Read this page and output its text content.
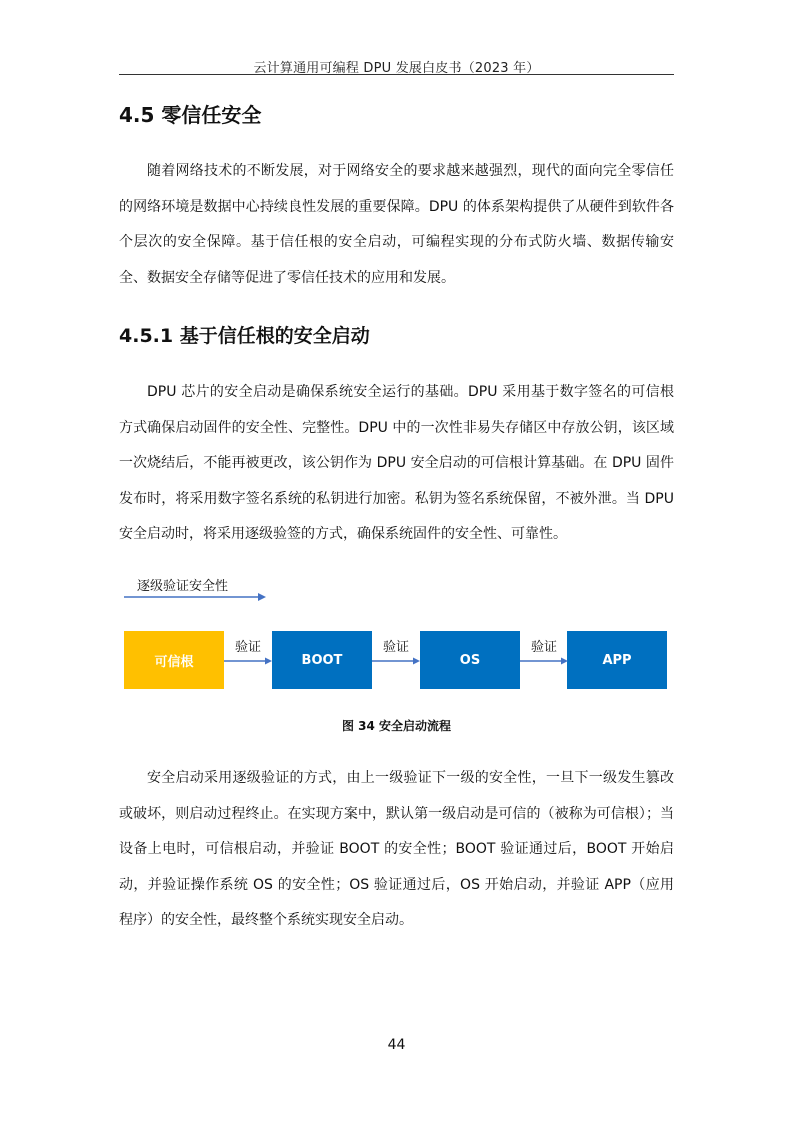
云计算通用可编程 DPU 发展白皮书（2023 年）
4.5 零信任安全

随着网络技术的不断发展，对于网络安全的要求越来越强烈，现代的面向完全零信任的网络环境是数据中心持续良性发展的重要保障。DPU 的体系架构提供了从硬件到软件各个层次的安全保障。基于信任根的安全启动，可编程实现的分布式防火墙、数据传输安全、数据安全存储等促进了零信任技术的应用和发展。

4.5.1 基于信任根的安全启动

DPU 芯片的安全启动是确保系统安全运行的基础。DPU 采用基于数字签名的可信根方式确保启动固件的安全性、完整性。DPU 中的一次性非易失存储区中存放公钥，该区域一次烧结后，不能再被更改，该公钥作为 DPU 安全启动的可信根计算基础。在 DPU 固件发布时，将采用数字签名系统的私钥进行加密。私钥为签名系统保留，不被外泄。当 DPU 安全启动时，将采用逐级验签的方式，确保系统固件的安全性、可靠性。

逐级验证安全性
可信根	BOOT	OS	APP
验证	验证	验证
图 34 安全启动流程

安全启动采用逐级验证的方式，由上一级验证下一级的安全性，一旦下一级发生篡改或破坏，则启动过程终止。在实现方案中，默认第一级启动是可信的（被称为可信根）；当设备上电时，可信根启动，并验证 BOOT 的安全性；BOOT 验证通过后，BOOT 开始启动，并验证操作系统 OS 的安全性；OS 验证通过后，OS 开始启动，并验证 APP（应用程序）的安全性，最终整个系统实现安全启动。

44
